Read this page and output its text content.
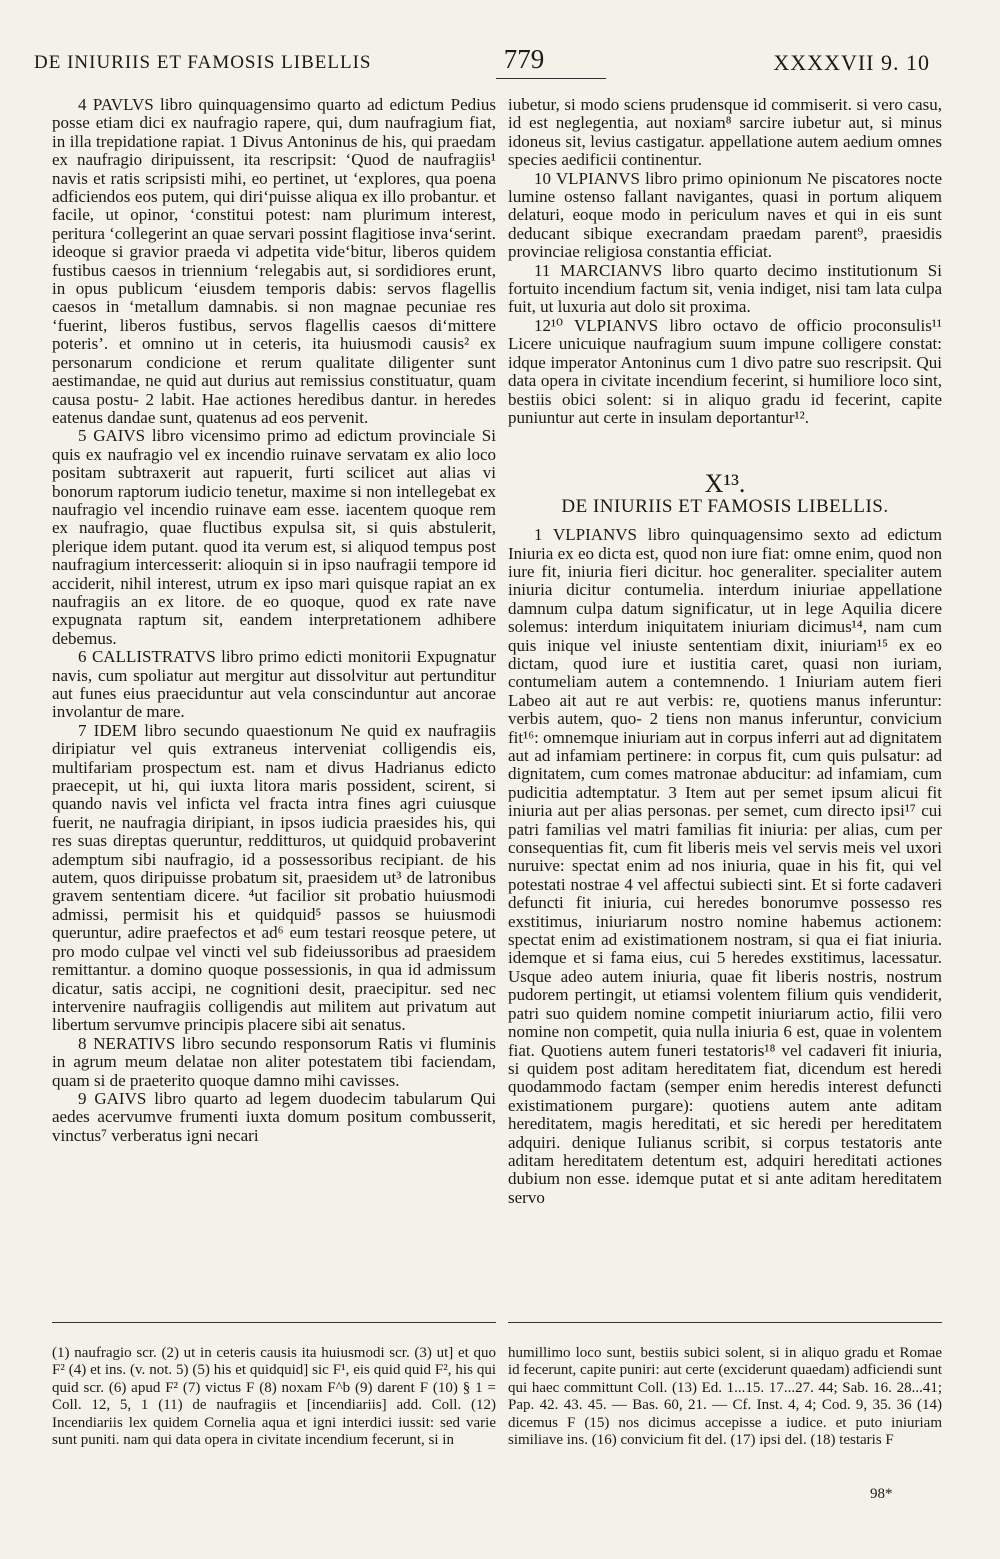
DE INIURIIS ET FAMOSIS LIBELLIS	779	XXXXVII 9. 10

4 PAVLVS libro quinquagensimo quarto ad edictum Pedius posse etiam dici ex naufragio rapere, qui, dum naufragium fiat, in illa trepidatione rapiat. 1 Divus Antoninus de his, qui praedam ex naufragio diripuissent, ita rescripsit: ‘Quod de naufragiis¹ navis et ratis scripsisti mihi, eo pertinet, ut ‘explores, qua poena adficiendos eos putem, qui diri‘puisse aliqua ex illo probantur. et facile, ut opinor, ‘constitui potest: nam plurimum interest, peritura ‘collegerint an quae servari possint flagitiose inva‘serint. ideoque si gravior praeda vi adpetita vide‘bitur, liberos quidem fustibus caesos in triennium ‘relegabis aut, si sordidiores erunt, in opus publicum ‘eiusdem temporis dabis: servos flagellis caesos in ‘metallum damnabis. si non magnae pecuniae res ‘fuerint, liberos fustibus, servos flagellis caesos di‘mittere poteris’. et omnino ut in ceteris, ita huiusmodi causis² ex personarum condicione et rerum qualitate diligenter sunt aestimandae, ne quid aut durius aut remissius constituatur, quam causa postu- 2 labit. Hae actiones heredibus dantur. in heredes eatenus dandae sunt, quatenus ad eos pervenit.

5 GAIVS libro vicensimo primo ad edictum provinciale Si quis ex naufragio vel ex incendio ruinave servatam ex alio loco positam subtraxerit aut rapuerit, furti scilicet aut alias vi bonorum raptorum iudicio tenetur, maxime si non intellegebat ex naufragio vel incendio ruinave eam esse. iacentem quoque rem ex naufragio, quae fluctibus expulsa sit, si quis abstulerit, plerique idem putant. quod ita verum est, si aliquod tempus post naufragium intercesserit: alioquin si in ipso naufragii tempore id acciderit, nihil interest, utrum ex ipso mari quisque rapiat an ex naufragiis an ex litore. de eo quoque, quod ex rate nave expugnata raptum sit, eandem interpretationem adhibere debemus.

6 CALLISTRATVS libro primo edicti monitorii Expugnatur navis, cum spoliatur aut mergitur aut dissolvitur aut pertunditur aut funes eius praeciduntur aut vela conscinduntur aut ancorae involantur de mare.

7 IDEM libro secundo quaestionum Ne quid ex naufragiis diripiatur vel quis extraneus interveniat colligendis eis, multifariam prospectum est. nam et divus Hadrianus edicto praecepit, ut hi, qui iuxta litora maris possident, scirent, si quando navis vel inficta vel fracta intra fines agri cuiusque fuerit, ne naufragia diripiant, in ipsos iudicia praesides his, qui res suas direptas queruntur, redditturos, ut quidquid probaverint ademptum sibi naufragio, id a possessoribus recipiant. de his autem, quos diripuisse probatum sit, praesidem ut³ de latronibus gravem sententiam dicere. ⁴ut facilior sit probatio huiusmodi admissi, permisit his et quidquid⁵ passos se huiusmodi queruntur, adire praefectos et ad⁶ eum testari reosque petere, ut pro modo culpae vel vincti vel sub fideiussoribus ad praesidem remittantur. a domino quoque possessionis, in qua id admissum dicatur, satis accipi, ne cognitioni desit, praecipitur. sed nec intervenire naufragiis colligendis aut militem aut privatum aut libertum servumve principis placere sibi ait senatus.

8 NERATIVS libro secundo responsorum Ratis vi fluminis in agrum meum delatae non aliter potestatem tibi faciendam, quam si de praeterito quoque damno mihi cavisses.

9 GAIVS libro quarto ad legem duodecim tabularum Qui aedes acervumve frumenti iuxta domum positum combusserit, vinctus⁷ verberatus igni necari

iubetur, si modo sciens prudensque id commiserit. si vero casu, id est neglegentia, aut noxiam⁸ sarcire iubetur aut, si minus idoneus sit, levius castigatur. appellatione autem aedium omnes species aedificii continentur.

10 VLPIANVS libro primo opinionum Ne piscatores nocte lumine ostenso fallant navigantes, quasi in portum aliquem delaturi, eoque modo in periculum naves et qui in eis sunt deducant sibique execrandam praedam parent⁹, praesidis provinciae religiosa constantia efficiat.

11 MARCIANVS libro quarto decimo institutionum Si fortuito incendium factum sit, venia indiget, nisi tam lata culpa fuit, ut luxuria aut dolo sit proxima.

12¹⁰ VLPIANVS libro octavo de officio proconsulis¹¹ Licere unicuique naufragium suum impune colligere constat: idque imperator Antoninus cum 1 divo patre suo rescripsit. Qui data opera in civitate incendium fecerint, si humiliore loco sint, bestiis obici solent: si in aliquo gradu id fecerint, capite puniuntur aut certe in insulam deportantur¹².

X¹³.
DE INIURIIS ET FAMOSIS LIBELLIS.

1 VLPIANVS libro quinquagensimo sexto ad edictum Iniuria ex eo dicta est, quod non iure fiat: omne enim, quod non iure fit, iniuria fieri dicitur. hoc generaliter. specialiter autem iniuria dicitur contumelia. interdum iniuriae appellatione damnum culpa datum significatur, ut in lege Aquilia dicere solemus: interdum iniquitatem iniuriam dicimus¹⁴, nam cum quis inique vel iniuste sententiam dixit, iniuriam¹⁵ ex eo dictam, quod iure et iustitia caret, quasi non iuriam, contumeliam autem a contemnendo. 1 Iniuriam autem fieri Labeo ait aut re aut verbis: re, quotiens manus inferuntur: verbis autem, quo- 2 tiens non manus inferuntur, convicium fit¹⁶: omnemque iniuriam aut in corpus inferri aut ad dignitatem aut ad infamiam pertinere: in corpus fit, cum quis pulsatur: ad dignitatem, cum comes matronae abducitur: ad infamiam, cum pudicitia adtemptatur. 3 Item aut per semet ipsum alicui fit iniuria aut per alias personas. per semet, cum directo ipsi¹⁷ cui patri familias vel matri familias fit iniuria: per alias, cum per consequentias fit, cum fit liberis meis vel servis meis vel uxori nuruive: spectat enim ad nos iniuria, quae in his fit, qui vel potestati nostrae 4 vel affectui subiecti sint. Et si forte cadaveri defuncti fit iniuria, cui heredes bonorumve possesso res exstitimus, iniuriarum nostro nomine habemus actionem: spectat enim ad existimationem nostram, si qua ei fiat iniuria. idemque et si fama eius, cui 5 heredes exstitimus, lacessatur. Usque adeo autem iniuria, quae fit liberis nostris, nostrum pudorem pertingit, ut etiamsi volentem filium quis vendiderit, patri suo quidem nomine competit iniuriarum actio, filii vero nomine non competit, quia nulla iniuria 6 est, quae in volentem fiat. Quotiens autem funeri testatoris¹⁸ vel cadaveri fit iniuria, si quidem post aditam hereditatem fiat, dicendum est heredi quodammodo factam (semper enim heredis interest defuncti existimationem purgare): quotiens autem ante aditam hereditatem, magis hereditati, et sic heredi per hereditatem adquiri. denique Iulianus scribit, si corpus testatoris ante aditam hereditatem detentum est, adquiri hereditati actiones dubium non esse. idemque putat et si ante aditam hereditatem servo

(1) naufragio scr. (2) ut in ceteris causis ita huiusmodi scr. (3) ut] et quo F² (4) et ins. (v. not. 5) (5) his et quidquid] sic F¹, eis quid quid F², his qui quid scr. (6) apud F² (7) victus F (8) noxam F^b (9) darent F (10) § 1 = Coll. 12, 5, 1 (11) de naufragiis et [incendiariis] add. Coll. (12) Incendiariis lex quidem Cornelia aqua et igni interdici iussit: sed varie sunt puniti. nam qui data opera in civitate incendium fecerunt, si in

humillimo loco sunt, bestiis subici solent, si in aliquo gradu et Romae id fecerunt, capite puniri: aut certe (exciderunt quaedam) adficiendi sunt qui haec committunt Coll. (13) Ed. 1...15. 17...27. 44; Sab. 16. 28...41; Pap. 42. 43. 45. — Bas. 60, 21. — Cf. Inst. 4, 4; Cod. 9, 35. 36 (14) dicemus F (15) nos dicimus accepisse a iudice. et puto iniuriam similiave ins. (16) convicium fit del. (17) ipsi del. (18) testaris F

98*
